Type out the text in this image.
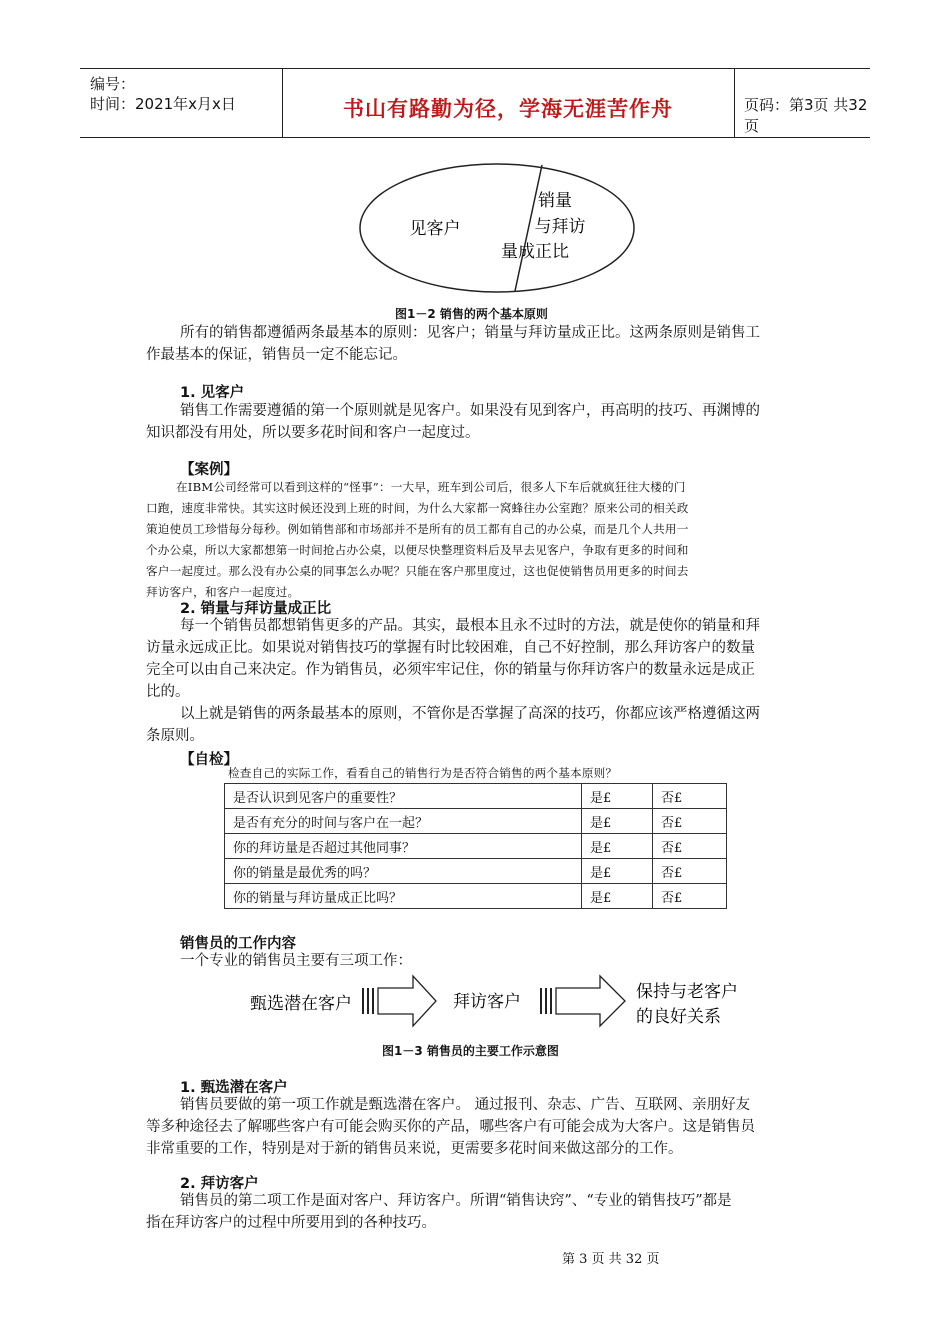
编号：
时间：2021年x月x日	书山有路勤为径，学海无涯苦作舟	页码：第3页 共32页
见客户
销量
与拜访
量成正比
图1－2 销售的两个基本原则
所有的销售都遵循两条最基本的原则：见客户；销量与拜访量成正比。这两条原则是销售工
作最基本的保证，销售员一定不能忘记。
1. 见客户
销售工作需要遵循的第一个原则就是见客户。如果没有见到客户，再高明的技巧、再渊博的
知识都没有用处，所以要多花时间和客户一起度过。
【案例】
在IBM公司经常可以看到这样的“怪事”：一大早，班车到公司后，很多人下车后就疯狂往大楼的门
口跑，速度非常快。其实这时候还没到上班的时间，为什么大家都一窝蜂往办公室跑？原来公司的相关政
策迫使员工珍惜每分每秒。例如销售部和市场部并不是所有的员工都有自己的办公桌，而是几个人共用一
个办公桌，所以大家都想第一时间抢占办公桌，以便尽快整理资料后及早去见客户，争取有更多的时间和
客户一起度过。那么没有办公桌的同事怎么办呢？只能在客户那里度过，这也促使销售员用更多的时间去
拜访客户，和客户一起度过。
2. 销量与拜访量成正比
每一个销售员都想销售更多的产品。其实，最根本且永不过时的方法，就是使你的销量和拜
访量永远成正比。如果说对销售技巧的掌握有时比较困难，自己不好控制，那么拜访客户的数量
完全可以由自己来决定。作为销售员，必须牢牢记住，你的销量与你拜访客户的数量永远是成正
比的。
以上就是销售的两条最基本的原则，不管你是否掌握了高深的技巧，你都应该严格遵循这两
条原则。
【自检】
检查自己的实际工作，看看自己的销售行为是否符合销售的两个基本原则？
是否认识到见客户的重要性？	是£	否£
是否有充分的时间与客户在一起？	是£	否£
你的拜访量是否超过其他同事？	是£	否£
你的销量是最优秀的吗？	是£	否£
你的销量与拜访量成正比吗？	是£	否£
销售员的工作内容
一个专业的销售员主要有三项工作：
甄选潜在客户	拜访客户	保持与老客户
的良好关系
图1－3 销售员的主要工作示意图
1. 甄选潜在客户
销售员要做的第一项工作就是甄选潜在客户。 通过报刊、杂志、广告、互联网、亲朋好友
等多种途径去了解哪些客户有可能会购买你的产品，哪些客户有可能会成为大客户。这是销售员
非常重要的工作，特别是对于新的销售员来说，更需要多花时间来做这部分的工作。
2. 拜访客户
销售员的第二项工作是面对客户、拜访客户。所谓“销售诀窍”、“专业的销售技巧”都是
指在拜访客户的过程中所要用到的各种技巧。
第 3 页 共 32 页
